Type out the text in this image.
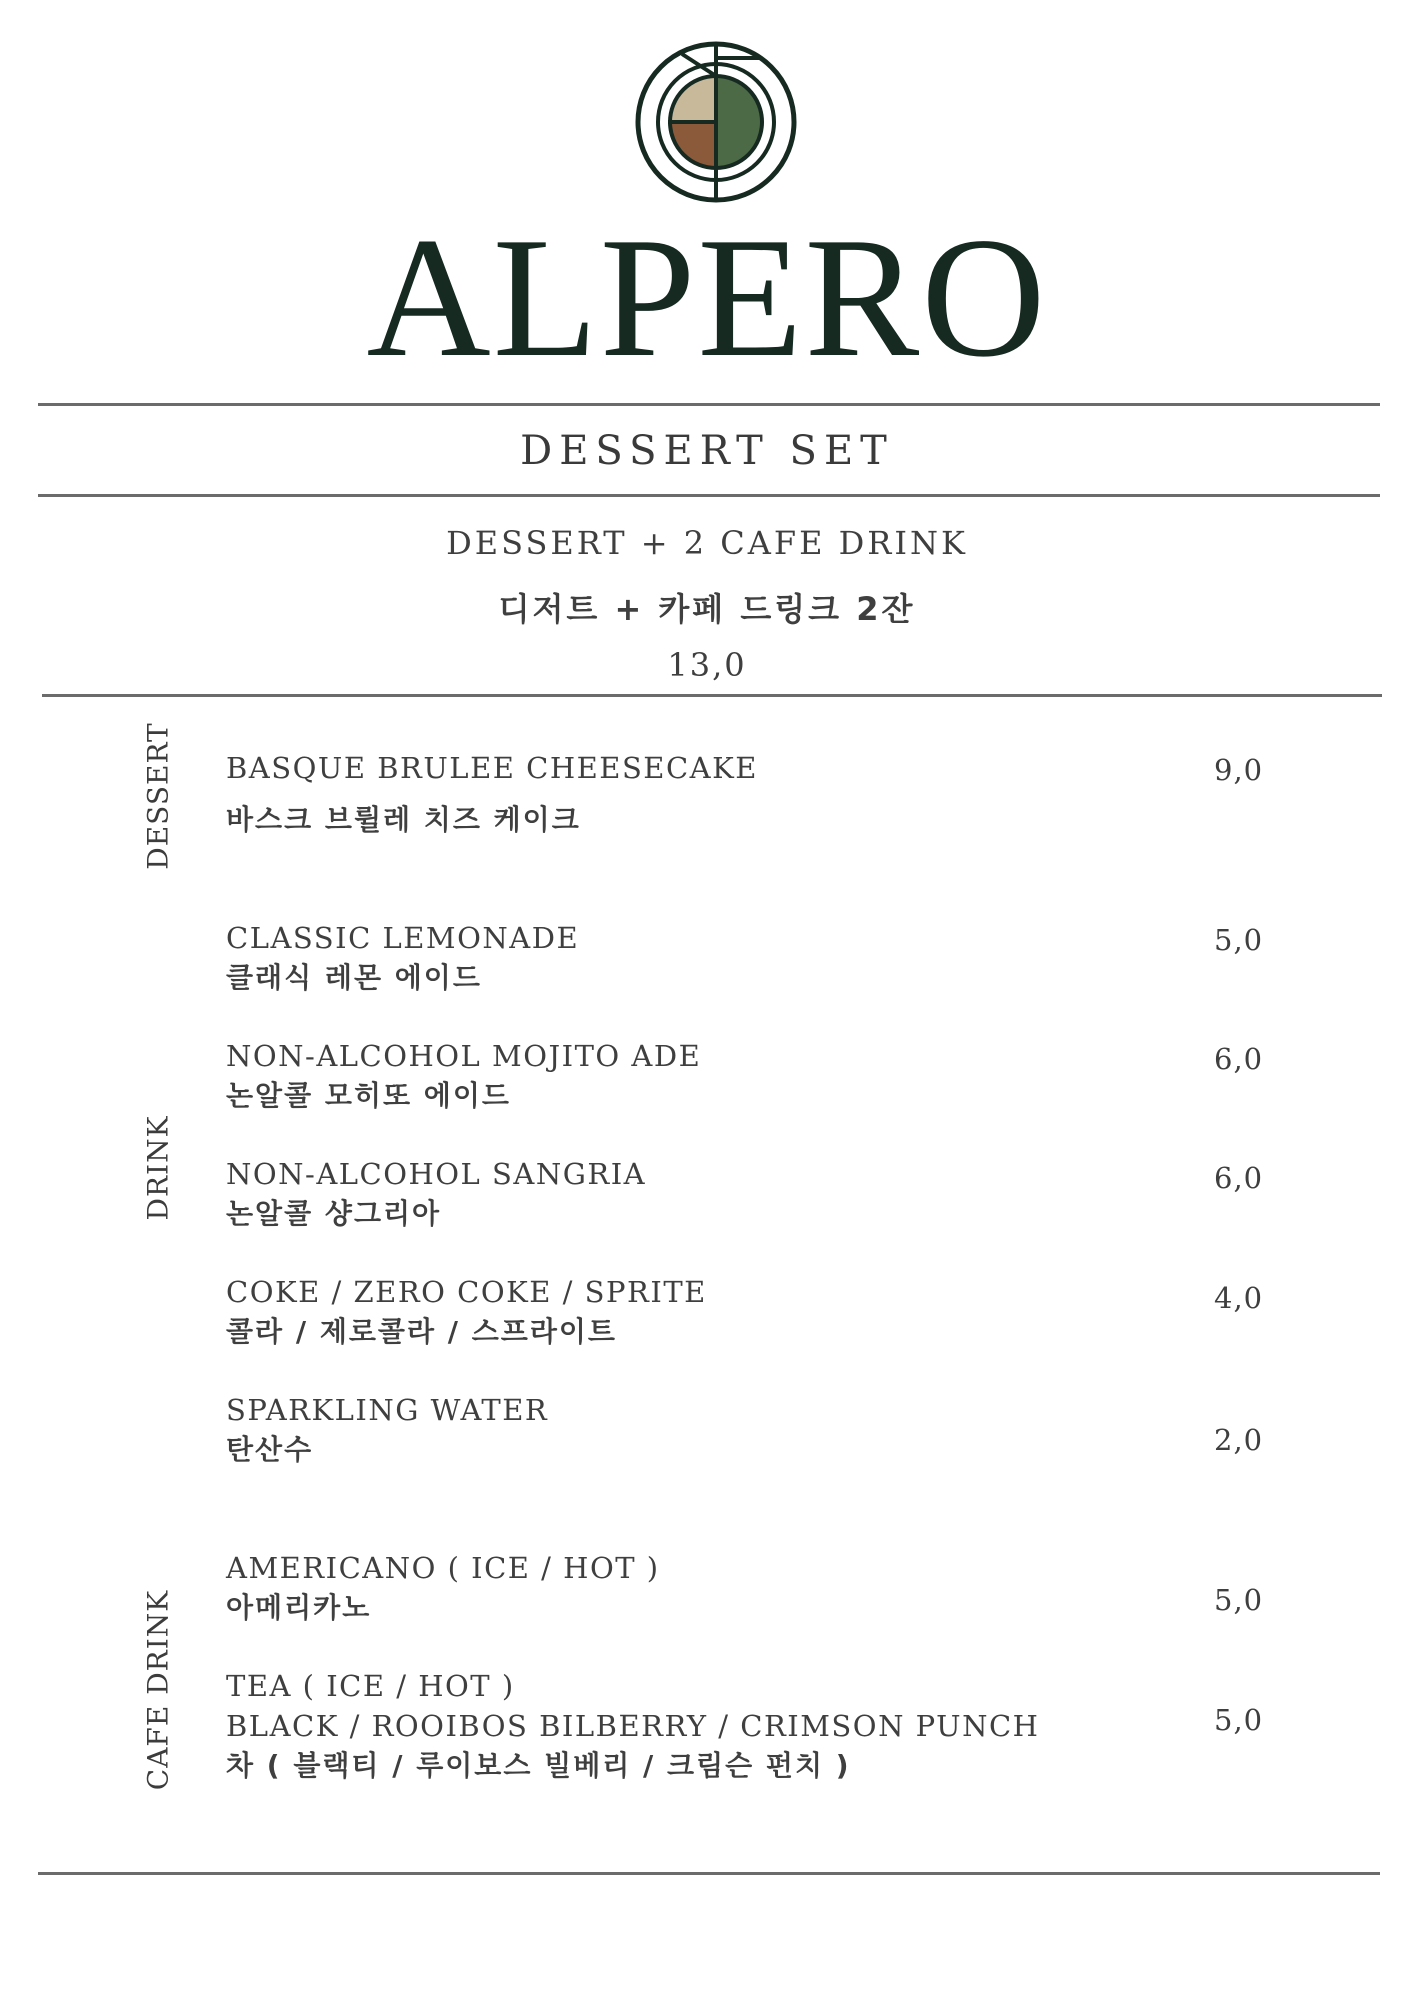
ALPERO
DESSERT SET
DESSERT + 2 CAFE DRINK
디저트 + 카페 드링크 2잔
13,0
DESSERT
DRINK
CAFE DRINK
BASQUE BRULEE CHEESECAKE
바스크 브륄레 치즈 케이크
9,0
CLASSIC LEMONADE
클래식 레몬 에이드
5,0
NON-ALCOHOL MOJITO ADE
논알콜 모히또 에이드
6,0
NON-ALCOHOL SANGRIA
논알콜 샹그리아
6,0
COKE / ZERO COKE / SPRITE
콜라 / 제로콜라 / 스프라이트
4,0
SPARKLING WATER
탄산수	2,0
AMERICANO ( ICE / HOT )
아메리카노	5,0
TEA ( ICE / HOT )
BLACK / ROOIBOS BILBERRY / CRIMSON PUNCH
차 ( 블랙티 / 루이보스 빌베리 / 크림슨 펀치 )
5,0
